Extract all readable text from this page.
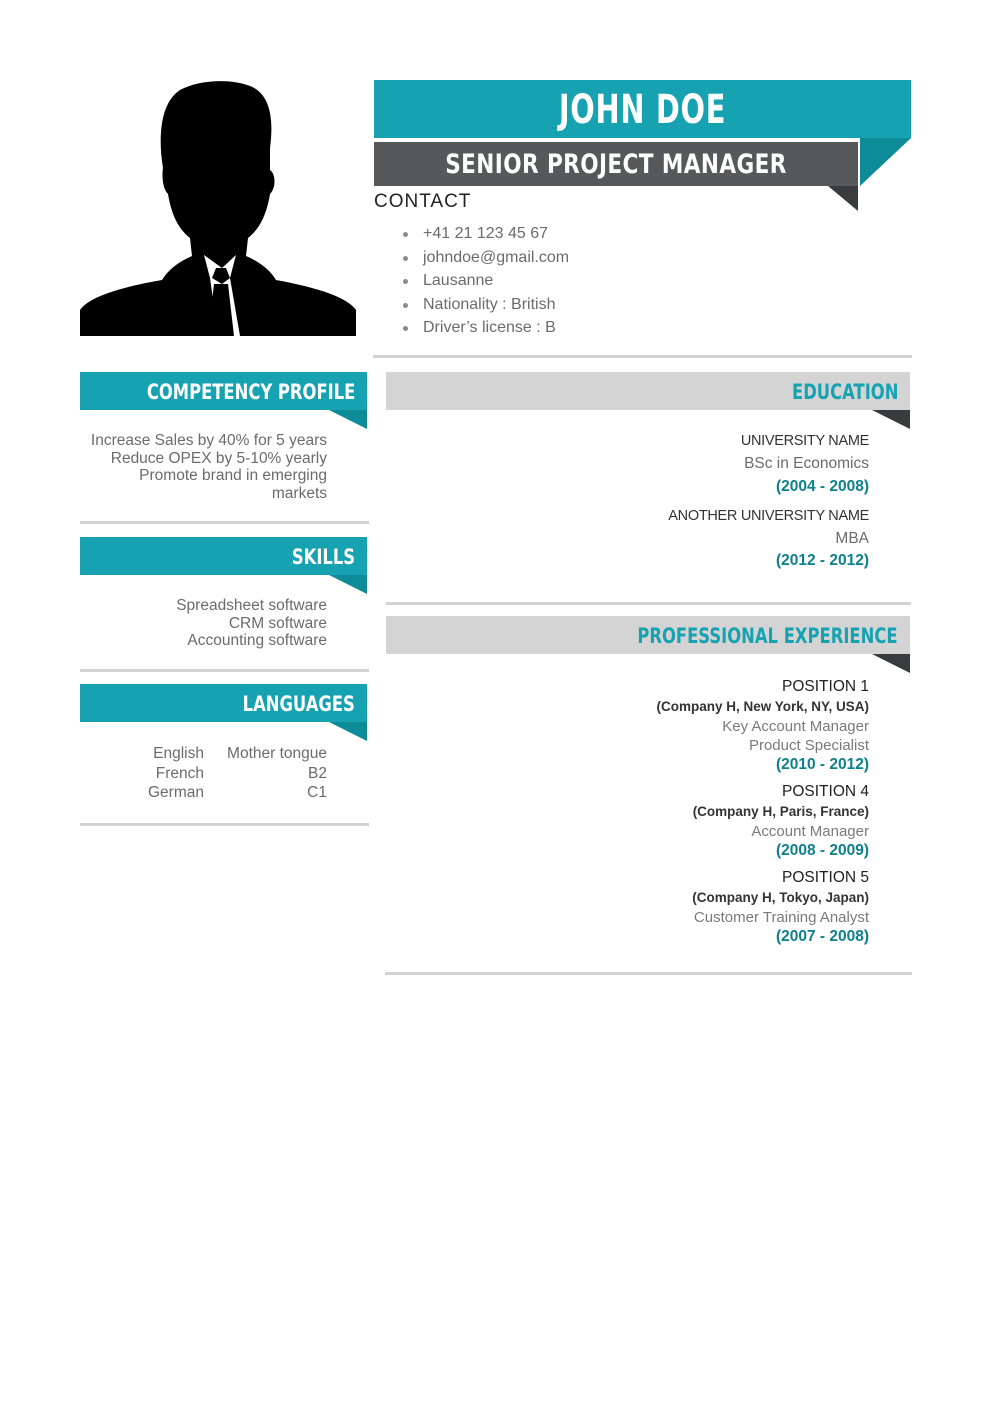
JOHN DOE
SENIOR PROJECT MANAGER
CONTACT
+41 21 123 45 67
johndoe@gmail.com
Lausanne
Nationality : British
Driver’s license : B
COMPETENCY PROFILE
Increase Sales by 40% for 5 years
Reduce OPEX by 5-10% yearly
Promote brand in emerging
markets
SKILLS
Spreadsheet software
CRM software
Accounting software
LANGUAGES
English Mother tongue
French	B2
German	C1
EDUCATION
UNIVERSITY NAME
BSc in Economics
(2004 - 2008)
ANOTHER UNIVERSITY NAME
MBA
(2012 - 2012)
PROFESSIONAL EXPERIENCE
POSITION 1
(Company H, New York, NY, USA)
Key Account Manager
Product Specialist
(2010 - 2012)
POSITION 4
(Company H, Paris, France)
Account Manager
(2008 - 2009)
POSITION 5
(Company H, Tokyo, Japan)
Customer Training Analyst
(2007 - 2008)
